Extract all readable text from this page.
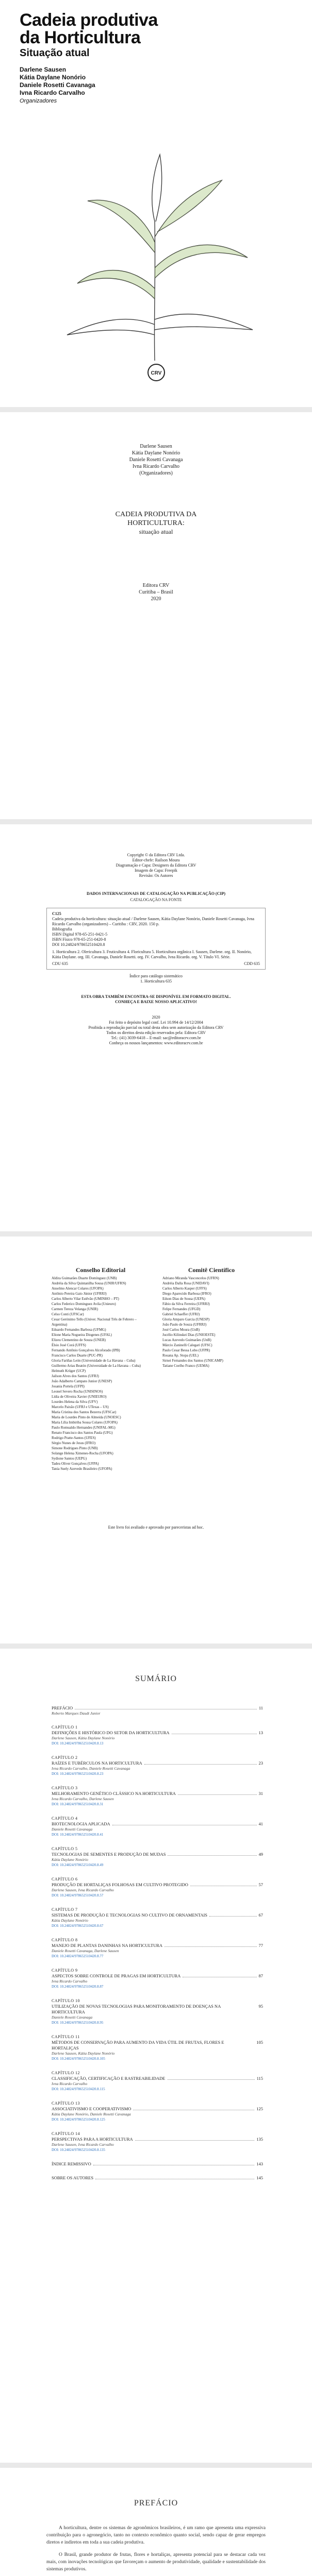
Cadeia produtiva
da Horticultura
Situação atual
Darlene Sausen
Kátia Daylane Nonório
Daniele Rosetti Cavanaga
Ivna Ricardo Carvalho
Organizadores
CRV
Darlene Sausen
Kátia Daylane Nonório
Daniele Rosetti Cavanaga
Ivna Ricardo Carvalho
(Organizadores)
CADEIA PRODUTIVA DA
HORTICULTURA:
situação atual
Editora CRV
Curitiba – Brasil
2020
Copyright © da Editora CRV Ltda.
Editor-chefe: Railson Moura
Diagramação e Capa: Designers da Editora CRV
Imagem de Capa: Freepik
Revisão: Os Autores
DADOS INTERNACIONAIS DE CATALOGAÇÃO NA PUBLICAÇÃO (CIP)
CATALOGAÇÃO NA FONTE
C125
Cadeia produtiva da horticultura: situação atual / Darlene Sausen, Kátia Daylane Nonório, Daniele Rosetti Cavanaga, Ivna Ricardo Carvalho (organizadores) – Curitiba : CRV, 2020. 150 p.
Bibliografia
ISBN Digital 978-65-251-0421-5
ISBN Físico 978-65-251-0420-8
DOI 10.24824/978652510420.8
1. Horticultura 2. Olericultura 3. Fruticultura 4. Floricultura 5. Horticultura orgânica I. Sausen, Darlene. org. II. Nonório, Kátia Daylane. org. III. Cavanaga, Daniele Rosetti. org. IV. Carvalho, Ivna Ricardo. org. V. Título VI. Série.
CDU 635	CDD 635
Índice para catálogo sistemático
1. Horticultura 635
ESTA OBRA TAMBÉM ENCONTRA-SE DISPONÍVEL EM FORMATO DIGITAL.
CONHEÇA E BAIXE NOSSO APLICATIVO!
2020
Foi feito o depósito legal conf. Lei 10.994 de 14/12/2004
Proibida a reprodução parcial ou total desta obra sem autorização da Editora CRV
Todos os direitos desta edição reservados pela: Editora CRV
Tel.: (41) 3039-6418 – E-mail: sac@editoracrv.com.br
Conheça os nossos lançamentos: www.editoracrv.com.br
Conselho Editorial
Aldira Guimarães Duarte Domínguez (UNB)
Andréia da Silva Quintanilha Sousa (UNIR/UFRN)
Anselmo Alencar Colares (UFOPA)
Antônio Pereira Gaio Júnior (UFRRJ)
Carlos Alberto Vilar Estêvão (UMINHO – PT)
Carlos Federico Dominguez Avila (Unieuro)
Carmen Tereza Velanga (UNIR)
Celso Conti (UFSCar)
Cesar Gerónimo Tello (Univer. Nacional Três de Febrero – Argentina)
Eduardo Fernandes Barbosa (UFMG)
Elione Maria Nogueira Diogenes (UFAL)
Elizeu Clementino de Souza (UNEB)
Élsio José Corá (UFFS)
Fernando Antônio Gonçalves Alcoforado (IPB)
Francisco Carlos Duarte (PUC-PR)
Gloria Fariñas León (Universidade de La Havana – Cuba)
Guillermo Arias Beatón (Universidade de La Havana – Cuba)
Helmuth Krüger (UCP)
Jailson Alves dos Santos (UFRJ)
João Adalberto Campato Junior (UNESP)
Josania Portela (UFPI)
Leonel Severo Rocha (UNISINOS)
Lídia de Oliveira Xavier (UNIEURO)
Lourdes Helena da Silva (UFV)
Marcelo Paixão (UFRJ e UTexas – US)
Maria Cristina dos Santos Bezerra (UFSCar)
Maria de Lourdes Pinto de Almeida (UNOESC)
Maria Lília Imbiriba Sousa Colares (UFOPA)
Paulo Romualdo Hernandes (UNIFAL-MG)
Renato Francisco dos Santos Paula (UFG)
Rodrigo Pratte-Santos (UFES)
Sérgio Nunes de Jesus (IFRO)
Simone Rodrigues Pinto (UNB)
Solange Helena Ximenes-Rocha (UFOPA)
Sydione Santos (UEPG)
Tadeu Oliver Gonçalves (UFPA)
Tania Suely Azevedo Brasileiro (UFOPA)
Comitê Científico
Adriano Miranda Vasconcelos (UFRN)
Andréia Dalla Rosa (UNIDAVI)
Carlos Alberto Kasper (UFFS)
Diego Aparecido Barbosa (IFRO)
Edson Dias de Sousa (UEPA)
Fábio da Silva Ferreira (UFRRJ)
Felipe Fernandes (UFGD)
Gabriel Schaeffer (UFRJ)
Gloria Amparo Garcia (UNESP)
João Paulo de Souza (UFRRJ)
José Carlos Moura (UnB)
Jucélio Kilinskei Dias (UNIOESTE)
Lucas Azevedo Guimarães (UnB)
Márcio Zaninelli Calegari (UFSC)
Paulo Cesar Bessa Lobo (UFPR)
Rosana Ap. Stopa (UEL)
Sirnei Fernandes dos Santos (UNICAMP)
Tatiane Coelho Franco (UEMA)
Este livro foi avaliado e aprovado por pareceristas ad hoc.
SUMÁRIO
PREFÁCIO	11
Roberto Marques Daudt Junior
CAPÍTULO 1
DEFINIÇÕES E HISTÓRICO DO SETOR DA HORTICULTURA	13
Darlene Sausen, Kátia Daylane Nonório
DOI: 10.24824/978652510420.8.13
CAPÍTULO 2
RAÍZES E TUBÉRCULOS NA HORTICULTURA	23
Ivna Ricardo Carvalho, Daniele Rosetti Cavanaga
DOI: 10.24824/978652510420.8.23
CAPÍTULO 3
MELHORAMENTO GENÉTICO CLÁSSICO NA HORTICULTURA	31
Ivna Ricardo Carvalho, Darlene Sausen
DOI: 10.24824/978652510420.8.31
CAPÍTULO 4
BIOTECNOLOGIA APLICADA	41
Daniele Rosetti Cavanaga
DOI: 10.24824/978652510420.8.41
CAPÍTULO 5
TECNOLOGIAS DE SEMENTES E PRODUÇÃO DE MUDAS	49
Kátia Daylane Nonório
DOI: 10.24824/978652510420.8.49
CAPÍTULO 6
PRODUÇÃO DE HORTALIÇAS FOLHOSAS EM CULTIVO PROTEGIDO	57
Darlene Sausen, Ivna Ricardo Carvalho
DOI: 10.24824/978652510420.8.57
CAPÍTULO 7
SISTEMAS DE PRODUÇÃO E TECNOLOGIAS NO CULTIVO DE ORNAMENTAIS	67
Kátia Daylane Nonório
DOI: 10.24824/978652510420.8.67
CAPÍTULO 8
MANEJO DE PLANTAS DANINHAS NA HORTICULTURA	77
Daniele Rosetti Cavanaga, Darlene Sausen
DOI: 10.24824/978652510420.8.77
CAPÍTULO 9
ASPECTOS SOBRE CONTROLE DE PRAGAS EM HORTICULTURA	87
Ivna Ricardo Carvalho
DOI: 10.24824/978652510420.8.87
CAPÍTULO 10
UTILIZAÇÃO DE NOVAS TECNOLOGIAS PARA MONITORAMENTO DE DOENÇAS NA HORTICULTURA
95
Daniele Rosetti Cavanaga
DOI: 10.24824/978652510420.8.95
CAPÍTULO 11
MÉTODOS DE CONSERVAÇÃO PARA AUMENTO DA VIDA ÚTIL DE FRUTAS, FLORES E HORTALIÇAS
105
Darlene Sausen, Kátia Daylane Nonório
DOI: 10.24824/978652510420.8.105
CAPÍTULO 12
CLASSIFICAÇÃO, CERTIFICAÇÃO E RASTREABILIDADE	115
Ivna Ricardo Carvalho
DOI: 10.24824/978652510420.8.115
CAPÍTULO 13
ASSOCIATIVISMO E COOPERATIVISMO	125
Kátia Daylane Nonório, Daniele Rosetti Cavanaga
DOI: 10.24824/978652510420.8.125
CAPÍTULO 14
PERSPECTIVAS PARA A HORTICULTURA	135
Darlene Sausen, Ivna Ricardo Carvalho
DOI: 10.24824/978652510420.8.135
ÍNDICE REMISSIVO	143
SOBRE OS AUTORES	145
PREFÁCIO

A horticultura, dentre os sistemas de agronômicos brasileiros, é um ramo que apresenta uma expressiva contribuição para o agronegócio, tanto no contexto econômico quanto social, sendo capaz de gerar empregos diretos e indiretos em toda a sua cadeia produtiva.

O Brasil, grande produtor de frutas, flores e hortaliças, apresenta potencial para se destacar cada vez mais, com inovações tecnológicas que favoreçam o aumento de produtividade, qualidade e sustentabilidade dos sistemas produtivos.
